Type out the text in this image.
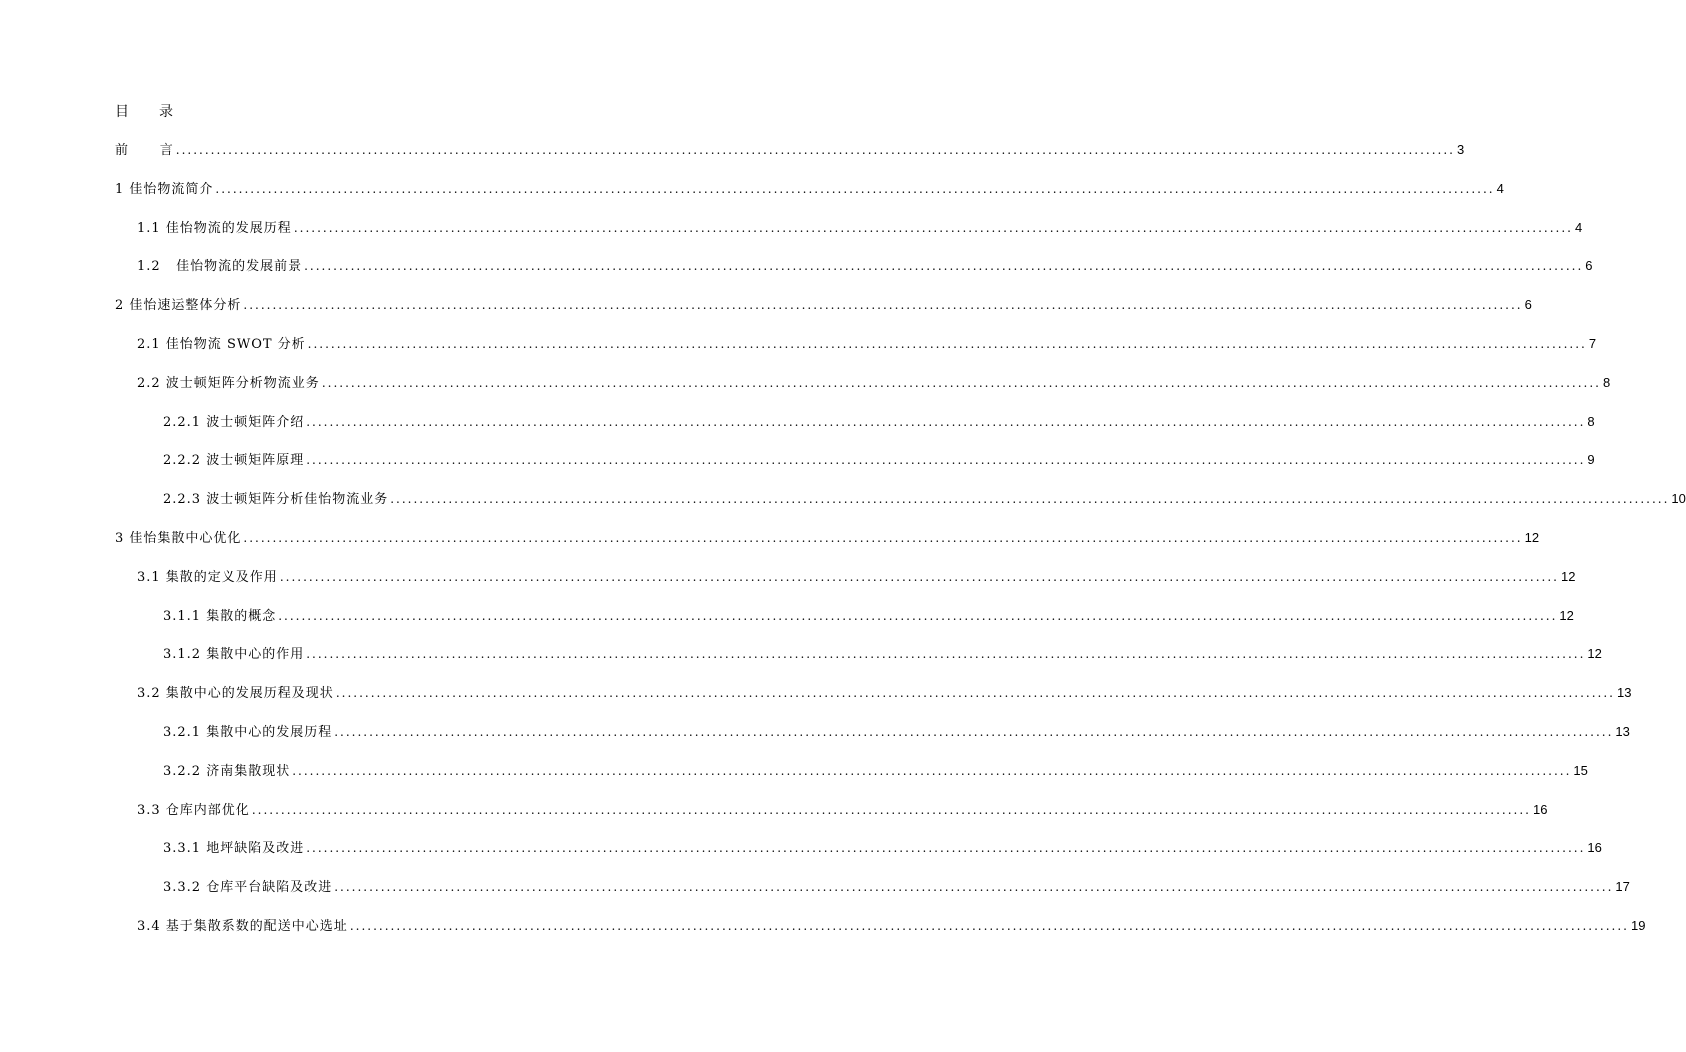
目 录
前      言 ............................................................................................................................................................................................................................ 3
1 佳怡物流简介 ............................................................................................................................................................................................................................ 4
1.1 佳怡物流的发展历程 ............................................................................................................................................................................................................................ 4
1.2   佳怡物流的发展前景 ............................................................................................................................................................................................................................ 6
2 佳怡速运整体分析 ............................................................................................................................................................................................................................ 6
2.1 佳怡物流 SWOT 分析 ............................................................................................................................................................................................................................ 7
2.2 波士顿矩阵分析物流业务 ............................................................................................................................................................................................................................ 8
2.2.1 波士顿矩阵介绍 ............................................................................................................................................................................................................................ 8
2.2.2 波士顿矩阵原理 ............................................................................................................................................................................................................................ 9
2.2.3 波士顿矩阵分析佳怡物流业务 ............................................................................................................................................................................................................................ 10
3 佳怡集散中心优化 ............................................................................................................................................................................................................................ 12
3.1 集散的定义及作用 ............................................................................................................................................................................................................................ 12
3.1.1 集散的概念 ............................................................................................................................................................................................................................ 12
3.1.2 集散中心的作用 ............................................................................................................................................................................................................................ 12
3.2 集散中心的发展历程及现状 ............................................................................................................................................................................................................................ 13
3.2.1 集散中心的发展历程 ............................................................................................................................................................................................................................ 13
3.2.2 济南集散现状 ............................................................................................................................................................................................................................ 15
3.3 仓库内部优化 ............................................................................................................................................................................................................................ 16
3.3.1 地坪缺陷及改进 ............................................................................................................................................................................................................................ 16
3.3.2 仓库平台缺陷及改进 ............................................................................................................................................................................................................................ 17
3.4 基于集散系数的配送中心选址 ............................................................................................................................................................................................................................ 19
